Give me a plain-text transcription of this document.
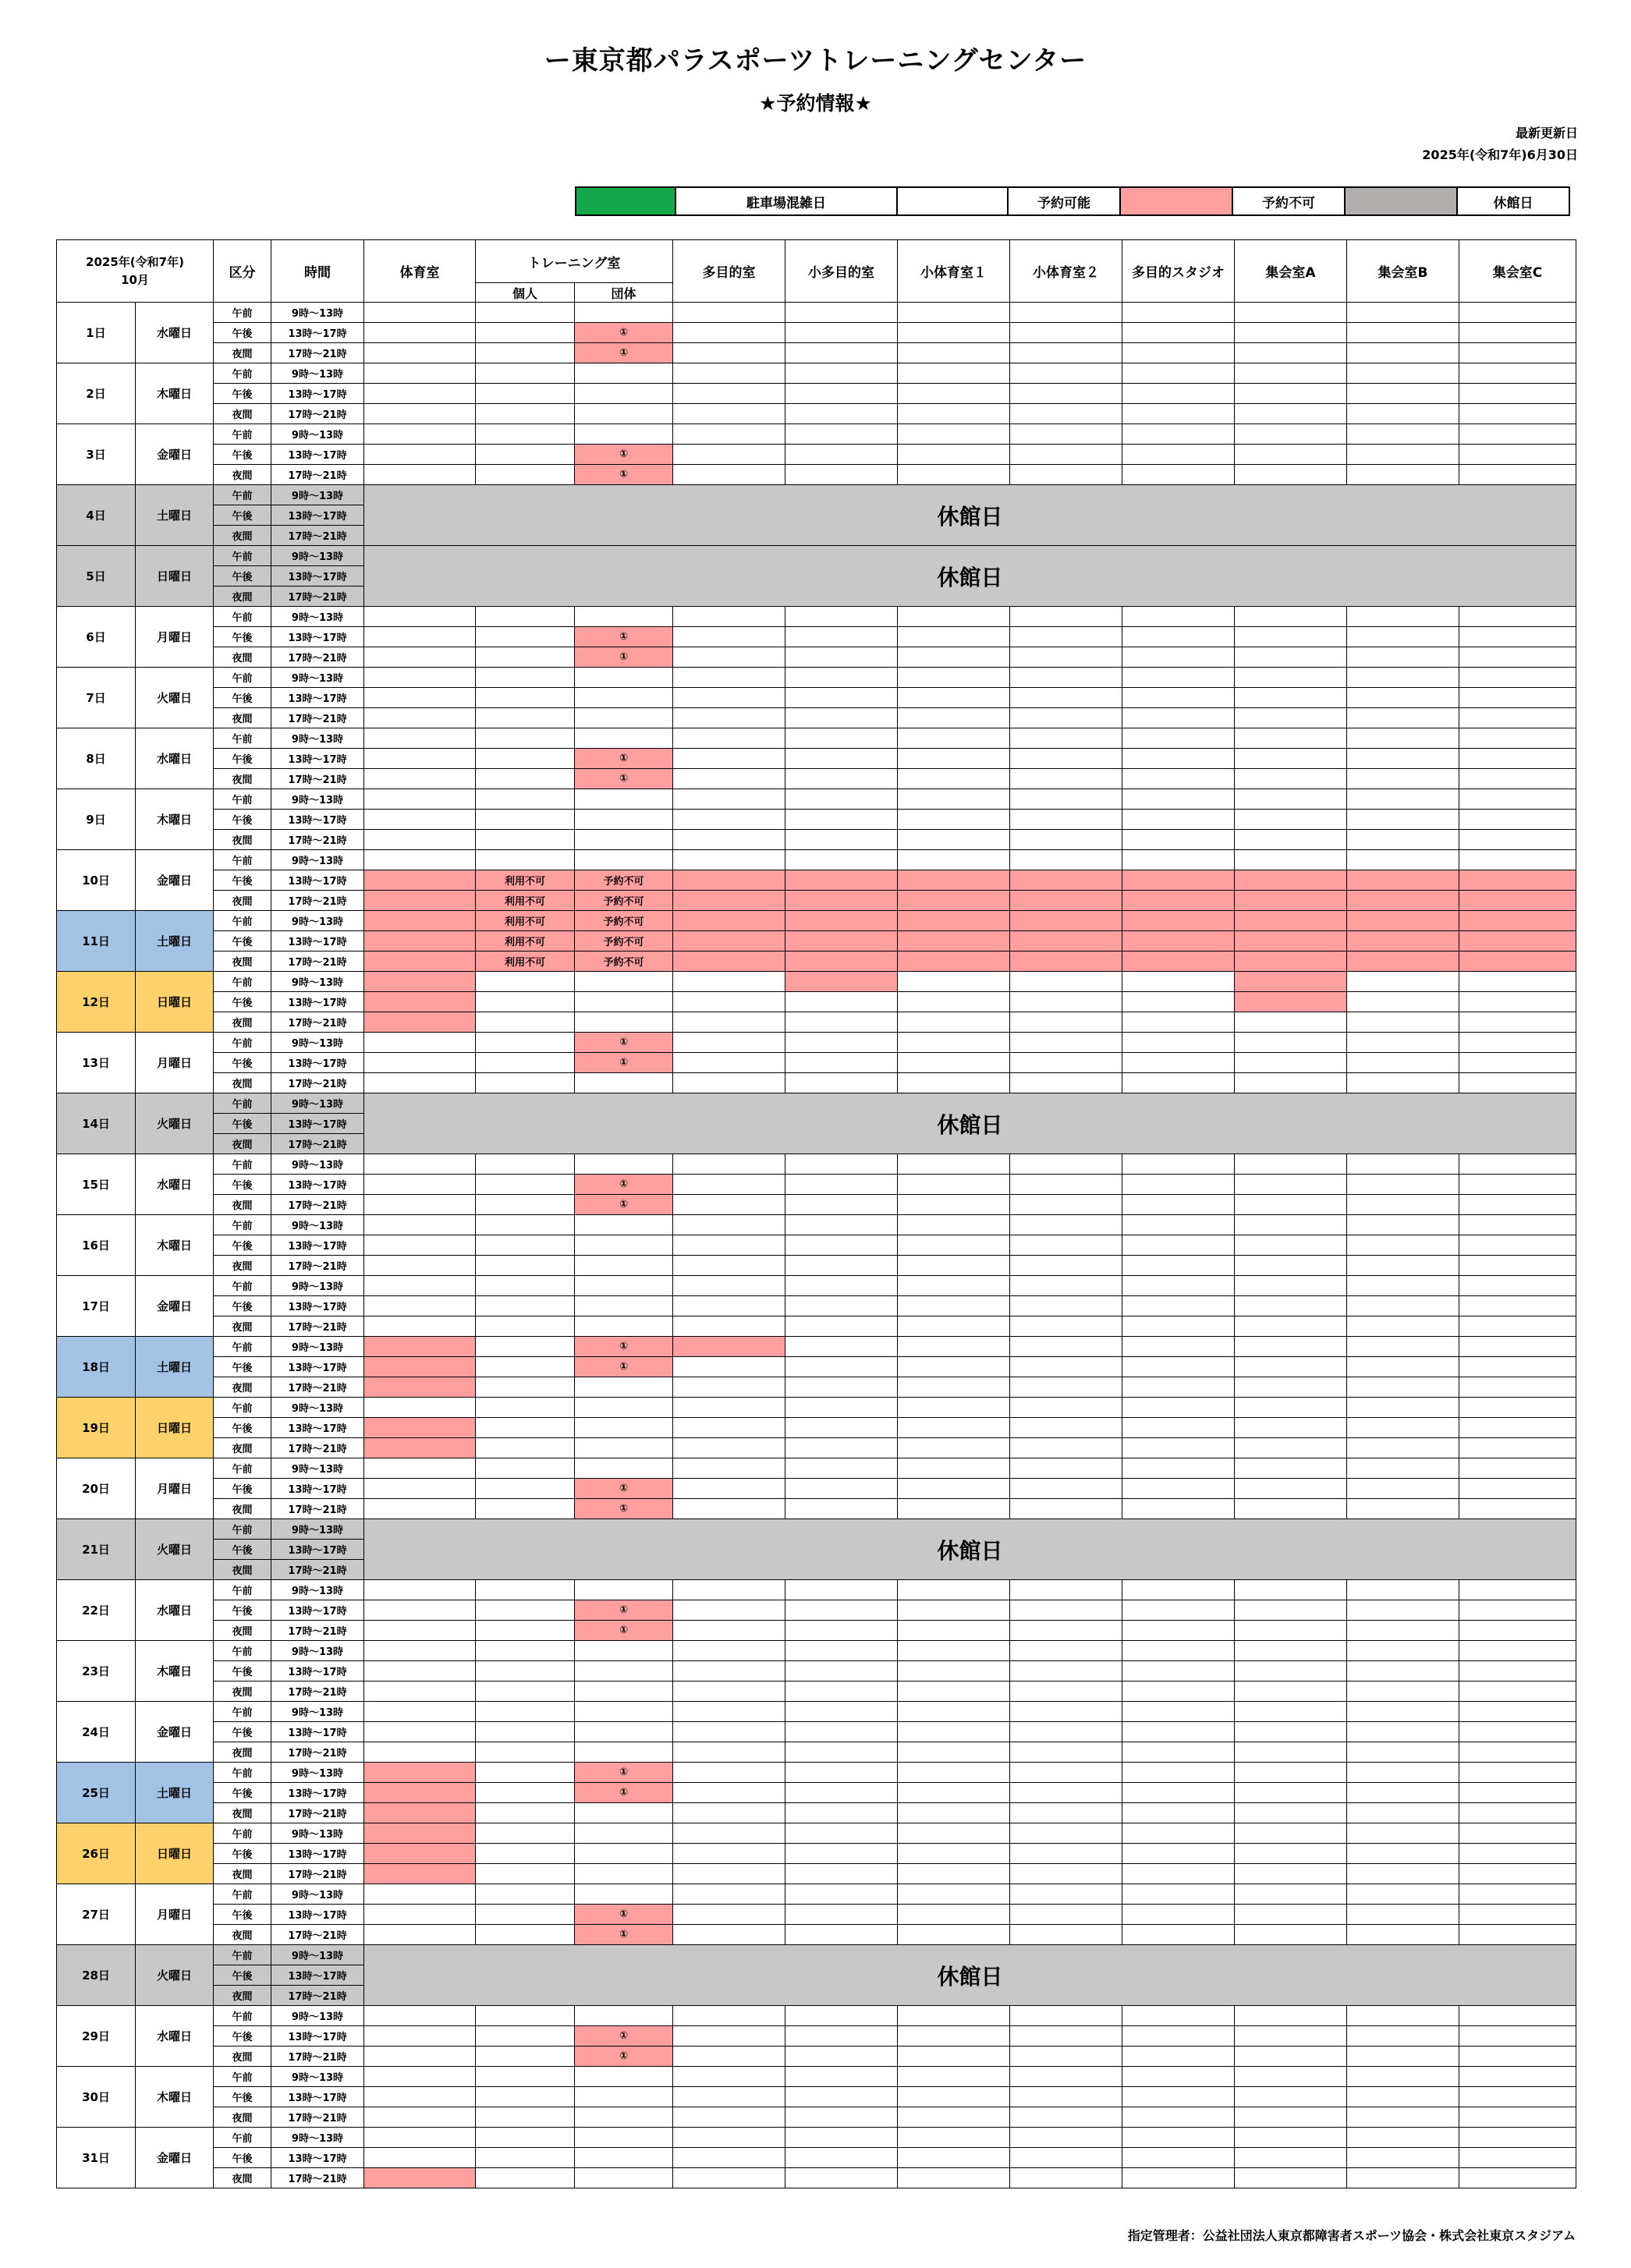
ー東京都パラスポーツトレーニングセンター
★予約情報★
最新更新日
2025年(令和7年)6月30日
	駐車場混雑日		予約可能		予約不可		休館日
2025年(令和7年)
10月		区分	時間	体育室	トレーニング室		多目的室	小多目的室	小体育室１	小体育室２	多目的スタジオ	集会室A	集会室B	集会室C
					個人	団体								
1日	水曜日	午前	9時～13時											
		午後	13時～17時			①								
		夜間	17時～21時			①								
2日	木曜日	午前	9時～13時											
		午後	13時～17時											
		夜間	17時～21時											
3日	金曜日	午前	9時～13時											
		午後	13時～17時			①								
		夜間	17時～21時			①								
4日	土曜日	午前	9時～13時	休館日										
		午後	13時～17時											
		夜間	17時～21時											
5日	日曜日	午前	9時～13時	休館日										
		午後	13時～17時											
		夜間	17時～21時											
6日	月曜日	午前	9時～13時											
		午後	13時～17時			①								
		夜間	17時～21時			①								
7日	火曜日	午前	9時～13時											
		午後	13時～17時											
		夜間	17時～21時											
8日	水曜日	午前	9時～13時											
		午後	13時～17時			①								
		夜間	17時～21時			①								
9日	木曜日	午前	9時～13時											
		午後	13時～17時											
		夜間	17時～21時											
10日	金曜日	午前	9時～13時											
		午後	13時～17時		利用不可	予約不可								
		夜間	17時～21時		利用不可	予約不可								
11日	土曜日	午前	9時～13時		利用不可	予約不可								
		午後	13時～17時		利用不可	予約不可								
		夜間	17時～21時		利用不可	予約不可								
12日	日曜日	午前	9時～13時											
		午後	13時～17時											
		夜間	17時～21時											
13日	月曜日	午前	9時～13時			①								
		午後	13時～17時			①								
		夜間	17時～21時											
14日	火曜日	午前	9時～13時	休館日										
		午後	13時～17時											
		夜間	17時～21時											
15日	水曜日	午前	9時～13時											
		午後	13時～17時			①								
		夜間	17時～21時			①								
16日	木曜日	午前	9時～13時											
		午後	13時～17時											
		夜間	17時～21時											
17日	金曜日	午前	9時～13時											
		午後	13時～17時											
		夜間	17時～21時											
18日	土曜日	午前	9時～13時			①								
		午後	13時～17時			①								
		夜間	17時～21時											
19日	日曜日	午前	9時～13時											
		午後	13時～17時											
		夜間	17時～21時											
20日	月曜日	午前	9時～13時											
		午後	13時～17時			①								
		夜間	17時～21時			①								
21日	火曜日	午前	9時～13時	休館日										
		午後	13時～17時											
		夜間	17時～21時											
22日	水曜日	午前	9時～13時											
		午後	13時～17時			①								
		夜間	17時～21時			①								
23日	木曜日	午前	9時～13時											
		午後	13時～17時											
		夜間	17時～21時											
24日	金曜日	午前	9時～13時											
		午後	13時～17時											
		夜間	17時～21時											
25日	土曜日	午前	9時～13時			①								
		午後	13時～17時			①								
		夜間	17時～21時											
26日	日曜日	午前	9時～13時											
		午後	13時～17時											
		夜間	17時～21時											
27日	月曜日	午前	9時～13時											
		午後	13時～17時			①								
		夜間	17時～21時			①								
28日	火曜日	午前	9時～13時	休館日										
		午後	13時～17時											
		夜間	17時～21時											
29日	水曜日	午前	9時～13時											
		午後	13時～17時			①								
		夜間	17時～21時			①								
30日	木曜日	午前	9時～13時											
		午後	13時～17時											
		夜間	17時～21時											
31日	金曜日	午前	9時～13時											
		午後	13時～17時											
		夜間	17時～21時											
指定管理者：公益社団法人東京都障害者スポーツ協会・株式会社東京スタジアム
